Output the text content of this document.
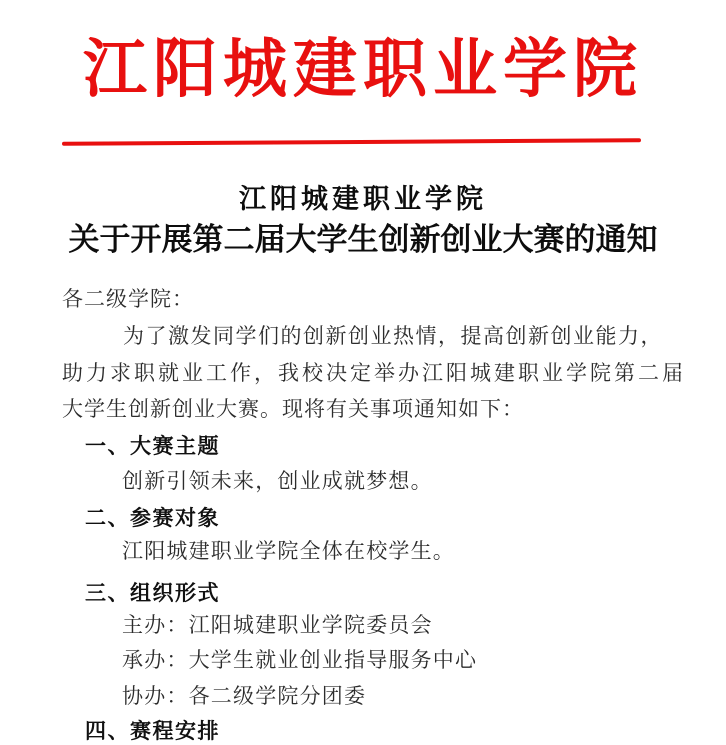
江阳城建职业学院
江阳城建职业学院
关于开展第二届大学生创新创业大赛的通知
各二级学院：
为了激发同学们的创新创业热情，提高创新创业能力，
助力求职就业工作，我校决定举办江阳城建职业学院第二届
大学生创新创业大赛。现将有关事项通知如下：
一、大赛主题
创新引领未来，创业成就梦想。
二、参赛对象
江阳城建职业学院全体在校学生。
三、组织形式
主办：江阳城建职业学院委员会
承办：大学生就业创业指导服务中心
协办：各二级学院分团委
四、赛程安排
